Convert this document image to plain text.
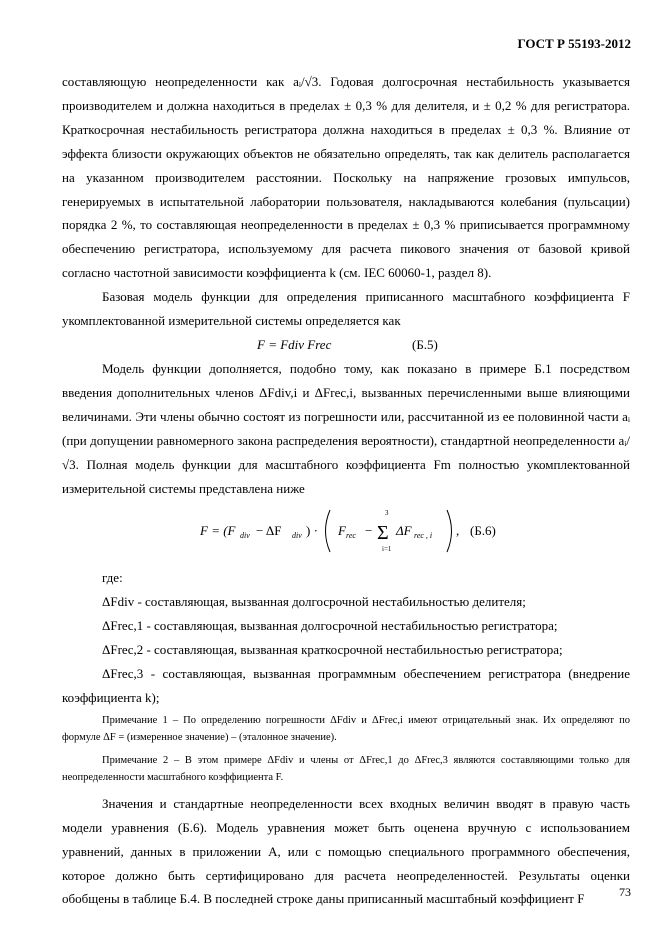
ГОСТ Р 55193-2012

составляющую неопределенности как aᵢ/√3. Годовая долгосрочная нестабильность указывается производителем и должна находиться в пределах ± 0,3 % для делителя, и ± 0,2 % для регистратора. Краткосрочная нестабильность регистратора должна находиться в пределах ± 0,3 %. Влияние от эффекта близости окружающих объектов не обязательно определять, так как делитель располагается на указанном производителем расстоянии. Поскольку на напряжение грозовых импульсов, генерируемых в испытательной лаборатории пользователя, накладываются колебания (пульсации) порядка 2 %, то составляющая неопределенности в пределах ± 0,3 % приписывается программному обеспечению регистратора, используемому для расчета пикового значения от базовой кривой согласно частотной зависимости коэффициента k (см. IEC 60060-1, раздел 8).

Базовая модель функции для определения приписанного масштабного коэффициента F укомплектованной измерительной системы определяется как

F = Fdiv Frec	(Б.5)

Модель функции дополняется, подобно тому, как показано в примере Б.1 посредством введения дополнительных членов ΔFdiv,i и ΔFrec,i, вызванных перечисленными выше влияющими величинами. Эти члены обычно состоят из погрешности или, рассчитанной из ее половинной части aᵢ (при допущении равномерного закона распределения вероятности), стандартной неопределенности aᵢ/√3. Полная модель функции для масштабного коэффициента Fm полностью укомплектованной измерительной системы представлена ниже

F = (F div − ΔF div ) · F rec −
3
Σ
i=1
ΔF rec , i , (Б.6)

где:

ΔFdiv - составляющая, вызванная долгосрочной нестабильностью делителя;

ΔFrec,1 - составляющая, вызванная долгосрочной нестабильностью регистратора;

ΔFrec,2 - составляющая, вызванная краткосрочной нестабильностью регистратора;

ΔFrec,3 - составляющая, вызванная программным обеспечением регистратора (внедрение коэффициента k);

Примечание 1 – По определению погрешности ΔFdiv и ΔFrec,i имеют отрицательный знак. Их определяют по формуле ΔF = (измеренное значение) – (эталонное значение).

Примечание 2 – В этом примере ΔFdiv и члены от ΔFrec,1 до ΔFrec,3 являются составляющими только для неопределенности масштабного коэффициента F.

Значения и стандартные неопределенности всех входных величин вводят в правую часть модели уравнения (Б.6). Модель уравнения может быть оценена вручную с использованием уравнений, данных в приложении А, или с помощью специального программного обеспечения, которое должно быть сертифицировано для расчета неопределенностей. Результаты оценки обобщены в таблице Б.4. В последней строке даны приписанный масштабный коэффициент F	73
